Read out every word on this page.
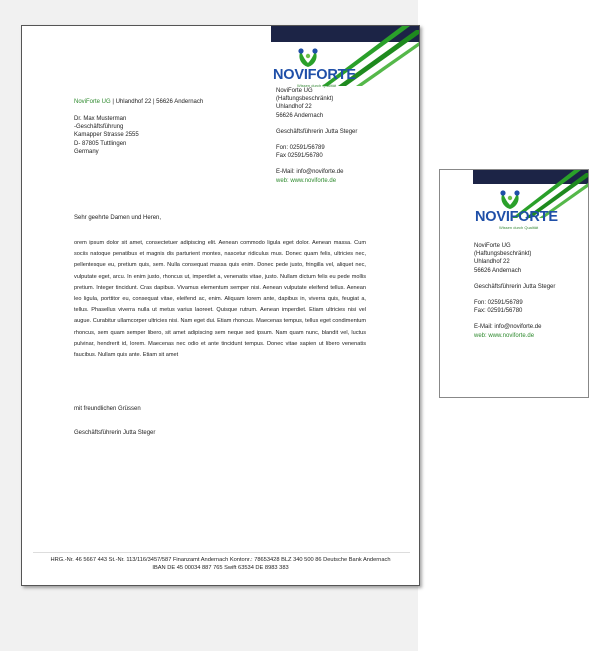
NOVIFORTE
Wissen durch Qualität
NoviForte UG
(Haftungsbeschränkt)
Uhlandhof 22
56626 Andernach
Geschäftsführerin Jutta Steger
Fon: 02591/56789
Fax 02591/56780
E-Mail: info@noviforte.de
web: www.noviforte.de
NoviForte UG | Uhlandhof 22 | 56626 Andernach
Dr. Max Musterman
-Geschäftsführung
Kamapper Strasse 2555
D- 87805 Tuttlingen
Germany
Sehr geehrte Damen und Heren,
orem ipsum dolor sit amet, consectetuer adipiscing elit. Aenean commodo ligula eget dolor. Aenean massa. Cum sociis natoque penatibus et magnis dis parturient montes, nascetur ridiculus mus. Donec quam felis, ultricies nec, pellentesque eu, pretium quis, sem. Nulla consequat massa quis enim. Donec pede justo, fringilla vel, aliquet nec, vulputate eget, arcu. In enim justo, rhoncus ut, imperdiet a, venenatis vitae, justo. Nullam dictum felis eu pede mollis pretium. Integer tincidunt. Cras dapibus. Vivamus elementum semper nisi. Aenean vulputate eleifend tellus. Aenean leo ligula, porttitor eu, consequat vitae, eleifend ac, enim. Aliquam lorem ante, dapibus in, viverra quis, feugiat a, tellus. Phasellus viverra nulla ut metus varius laoreet. Quisque rutrum. Aenean imperdiet. Etiam ultricies nisi vel augue. Curabitur ullamcorper ultricies nisi. Nam eget dui. Etiam rhoncus. Maecenas tempus, tellus eget condimentum rhoncus, sem quam semper libero, sit amet adipiscing sem neque sed ipsum. Nam quam nunc, blandit vel, luctus pulvinar, hendrerit id, lorem. Maecenas nec odio et ante tincidunt tempus. Donec vitae sapien ut libero venenatis faucibus. Nullam quis ante. Etiam sit amet
mit freundlichen Grüssen
Geschäftsführerin Jutta Steger
HRG.-Nr. 46 5667 443 St.-Nr. 113/116/3457/587 Finanzamt Andernach Kontonr.: 78653428 BLZ 340 500 86 Deutsche Bank Andernach
IBAN DE 45 00034 887 765 Swift 63534 DE 8983 383
NOVIFORTE
Wissen durch Qualität
NoviForte UG
(Haftungsbeschränkt)
Uhlandhof 22
56626 Andernach
Geschäftsführerin Jutta Steger
Fon: 02591/56789
Fax: 02591/56780
E-Mail: info@noviforte.de
web: www.noviforte.de
